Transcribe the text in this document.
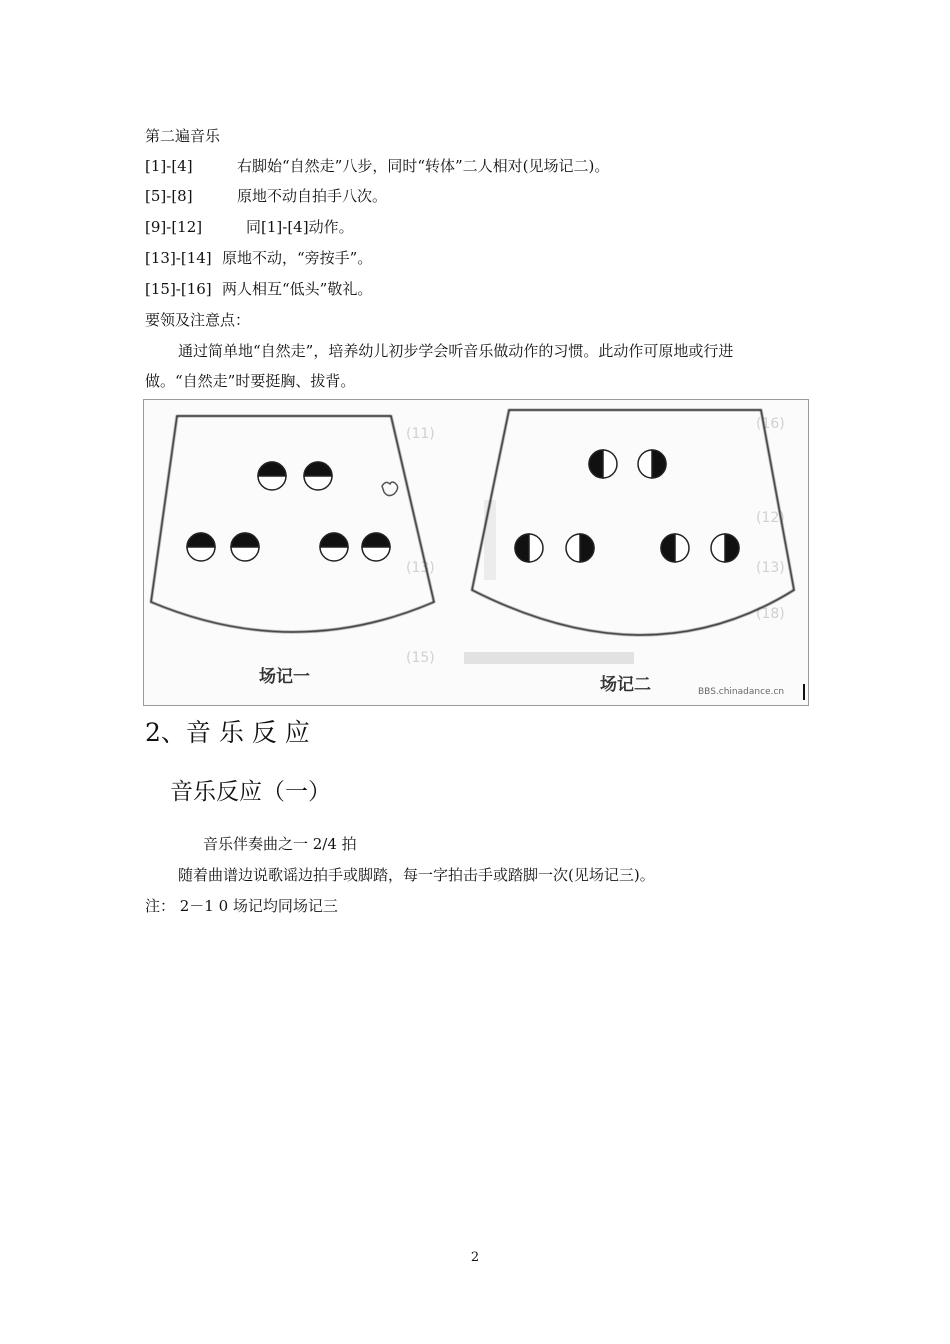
第二遍音乐
[1]-[4]	右脚始“自然走”八步，同时“转体”二人相对(见场记二)。
[5]-[8]	原地不动自拍手八次。
[9]-[12]	同[1]-[4]动作。
[13]-[14] 原地不动，“旁按手”。
[15]-[16] 两人相互“低头”敬礼。
要领及注意点：
通过简单地“自然走”，培养幼儿初步学会听音乐做动作的习惯。此动作可原地或行进
做。“自然走”时要挺胸、拔背。
(11)
(16)
(12)
(15)
(18)
(13)	(13)
场记一	场记二	BBS.chinadance.cn
2、音 乐 反 应
音乐反应（一）
音乐伴奏曲之一 2/4 拍
随着曲谱边说歌谣边拍手或脚踏，每一字拍击手或踏脚一次(见场记三)。
注： 2－1 0 场记均同场记三
2
